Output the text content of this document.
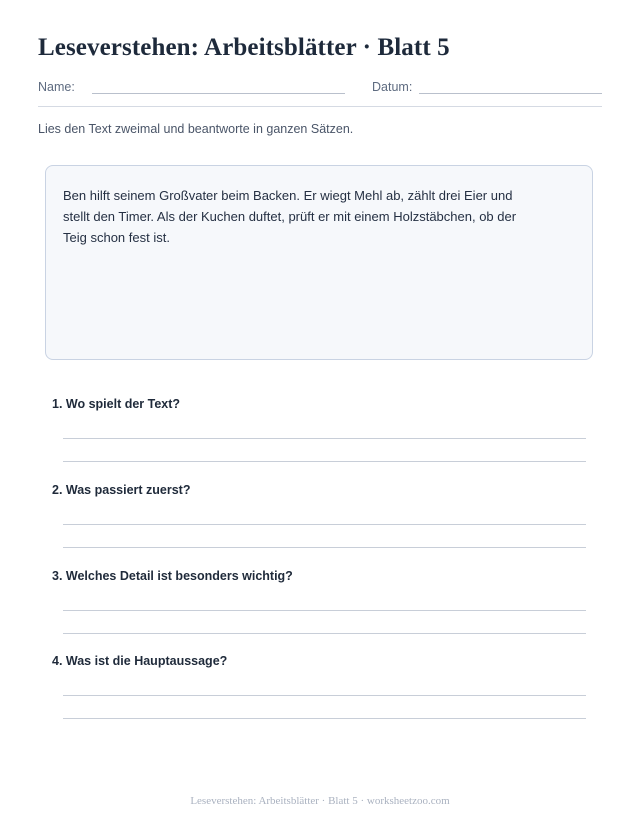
Leseverstehen: Arbeitsblätter · Blatt 5
Name:	Datum:
Lies den Text zweimal und beantworte in ganzen Sätzen.
Ben hilft seinem Großvater beim Backen. Er wiegt Mehl ab, zählt drei Eier und stellt den Timer. Als der Kuchen duftet, prüft er mit einem Holzstäbchen, ob der Teig schon fest ist.
1. Wo spielt der Text?
2. Was passiert zuerst?
3. Welches Detail ist besonders wichtig?
4. Was ist die Hauptaussage?
Leseverstehen: Arbeitsblätter · Blatt 5 · worksheetzoo.com
